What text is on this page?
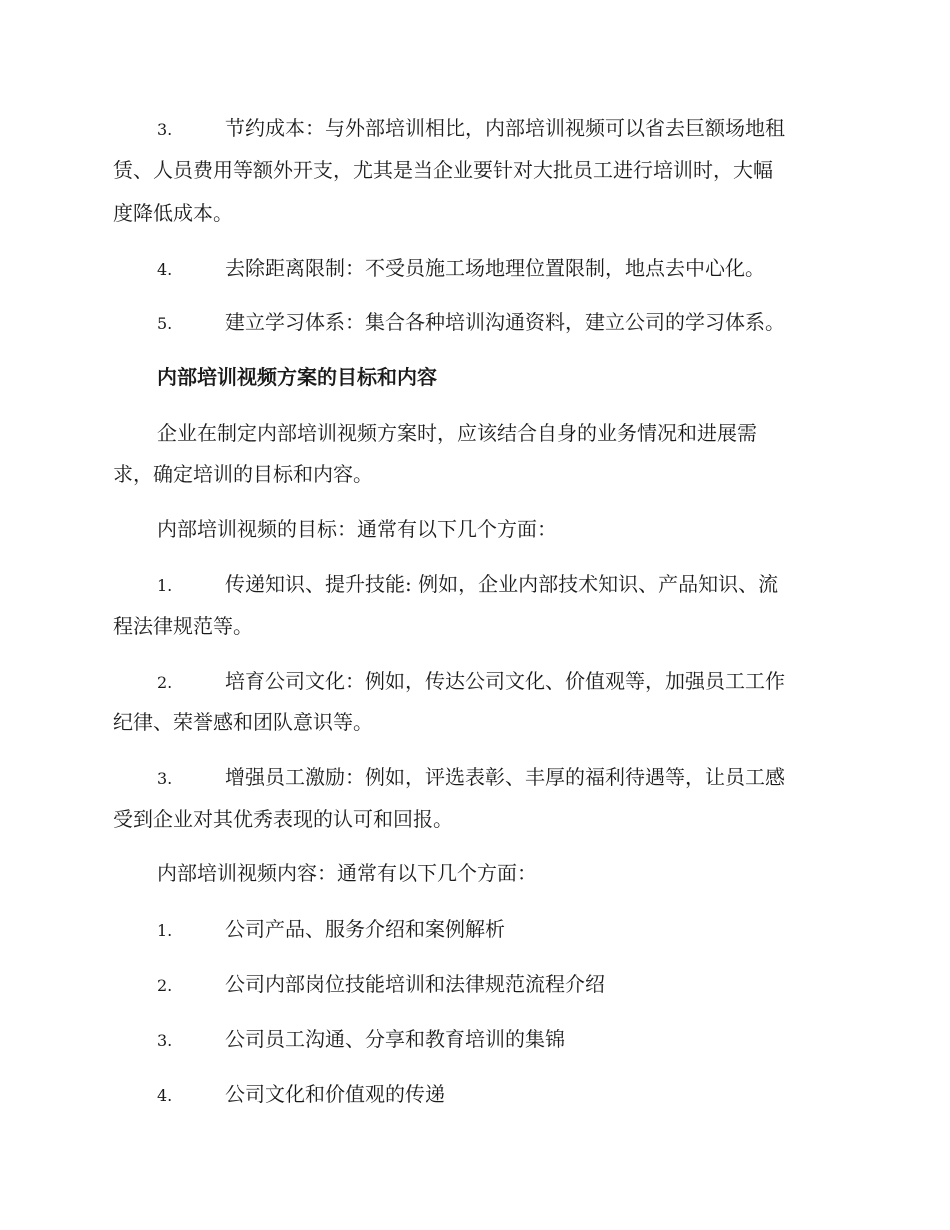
3.	节约成本：与外部培训相比，内部培训视频可以省去巨额场地租
赁、人员费用等额外开支，尤其是当企业要针对大批员工进行培训时，大幅
度降低成本。
4.	去除距离限制：不受员施工场地理位置限制，地点去中心化。
5.	建立学习体系：集合各种培训沟通资料，建立公司的学习体系。
内部培训视频方案的目标和内容
企业在制定内部培训视频方案时，应该结合自身的业务情况和进展需
求，确定培训的目标和内容。
内部培训视频的目标：通常有以下几个方面：
1.	传递知识、提升技能: 例如，企业内部技术知识、产品知识、流
程法律规范等。
2.	培育公司文化：例如，传达公司文化、价值观等，加强员工工作
纪律、荣誉感和团队意识等。
3.	增强员工激励：例如，评选表彰、丰厚的福利待遇等，让员工感
受到企业对其优秀表现的认可和回报。
内部培训视频内容：通常有以下几个方面：
1.	公司产品、服务介绍和案例解析
2.	公司内部岗位技能培训和法律规范流程介绍
3.	公司员工沟通、分享和教育培训的集锦
4.	公司文化和价值观的传递
